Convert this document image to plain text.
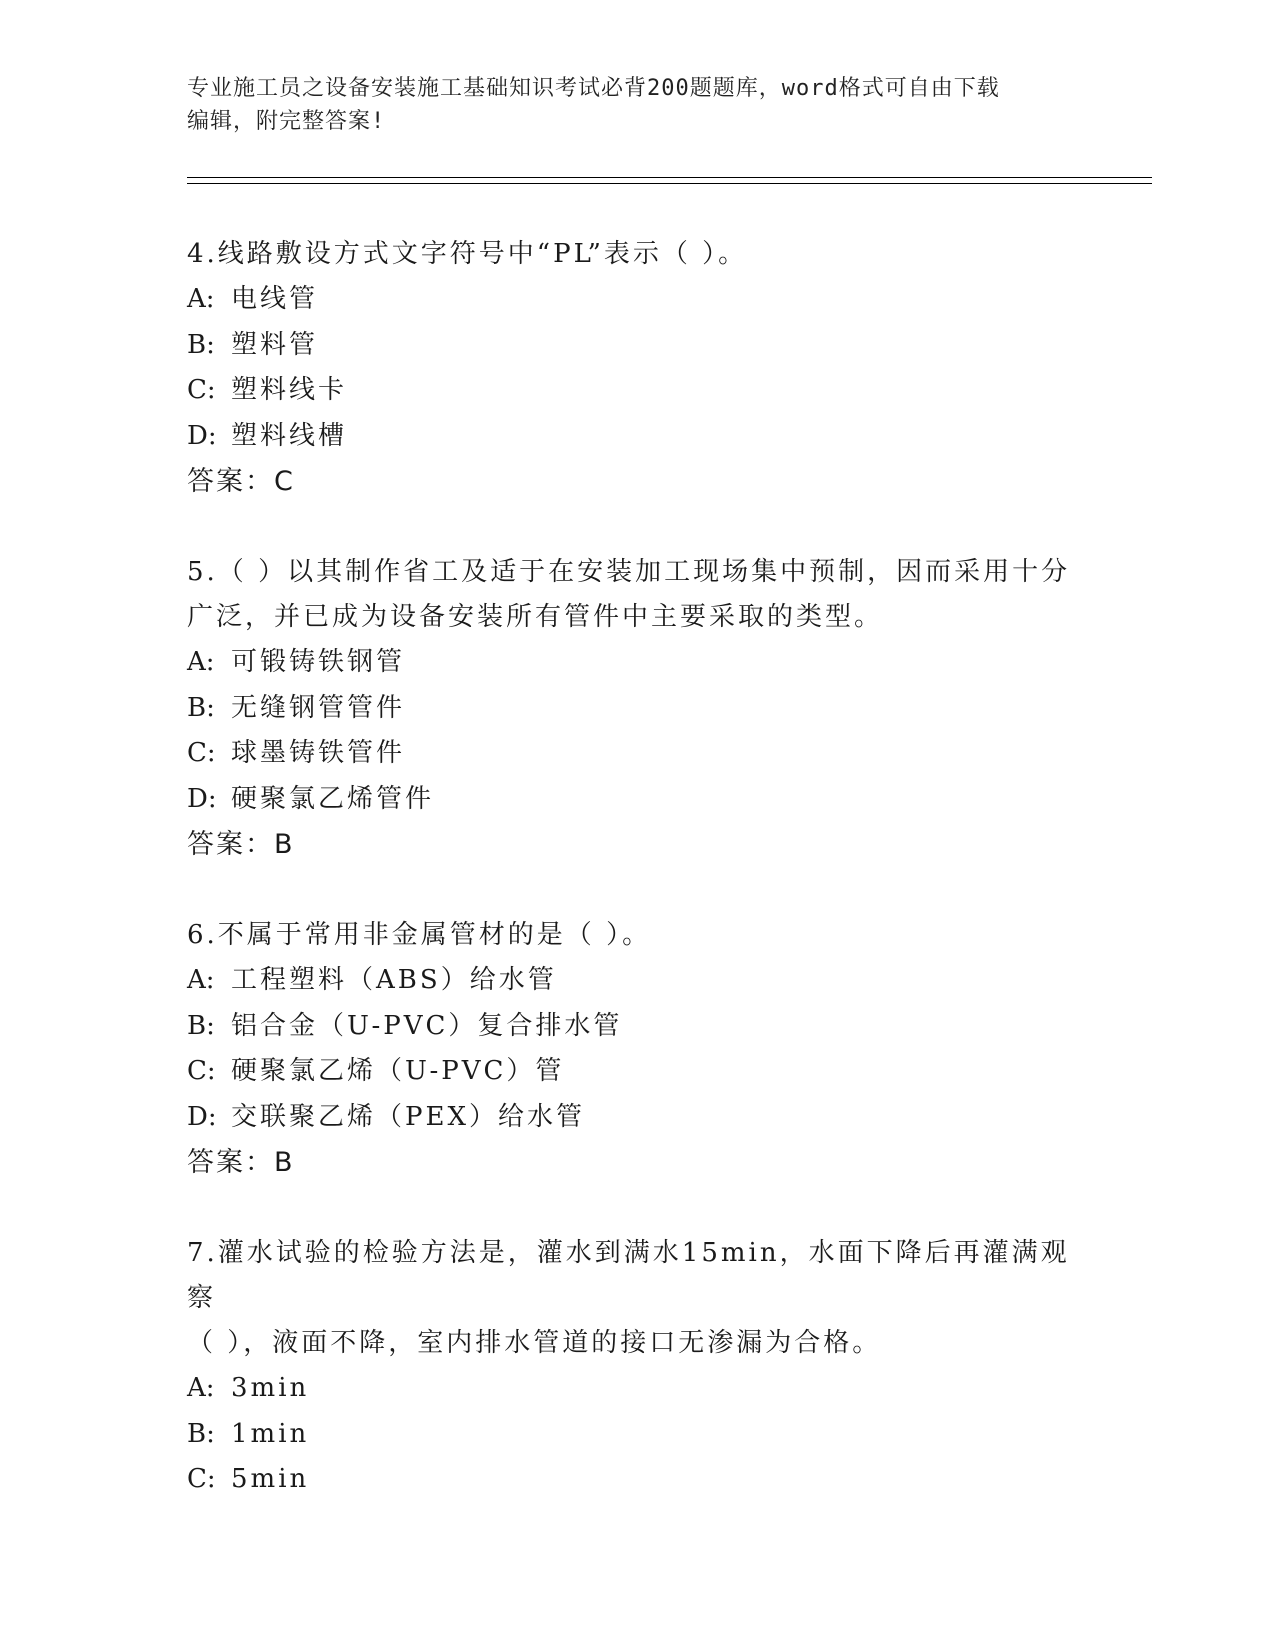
专业施工员之设备安装施工基础知识考试必背200题题库，word格式可自由下载
编辑，附完整答案!
4.线路敷设方式文字符号中“PL”表示（ ）。
A: 电线管
B: 塑料管
C: 塑料线卡
D: 塑料线槽
答案：C
5.（ ）以其制作省工及适于在安装加工现场集中预制，因而采用十分
广泛，并已成为设备安装所有管件中主要采取的类型。
A: 可锻铸铁钢管
B: 无缝钢管管件
C: 球墨铸铁管件
D: 硬聚氯乙烯管件
答案：B
6.不属于常用非金属管材的是（ ）。
A: 工程塑料（ABS）给水管
B: 铝合金（U-PVC）复合排水管
C: 硬聚氯乙烯（U-PVC）管
D: 交联聚乙烯（PEX）给水管
答案：B
7.灌水试验的检验方法是，灌水到满水15min，水面下降后再灌满观察
（ ），液面不降，室内排水管道的接口无渗漏为合格。
A: 3min
B: 1min
C: 5min
